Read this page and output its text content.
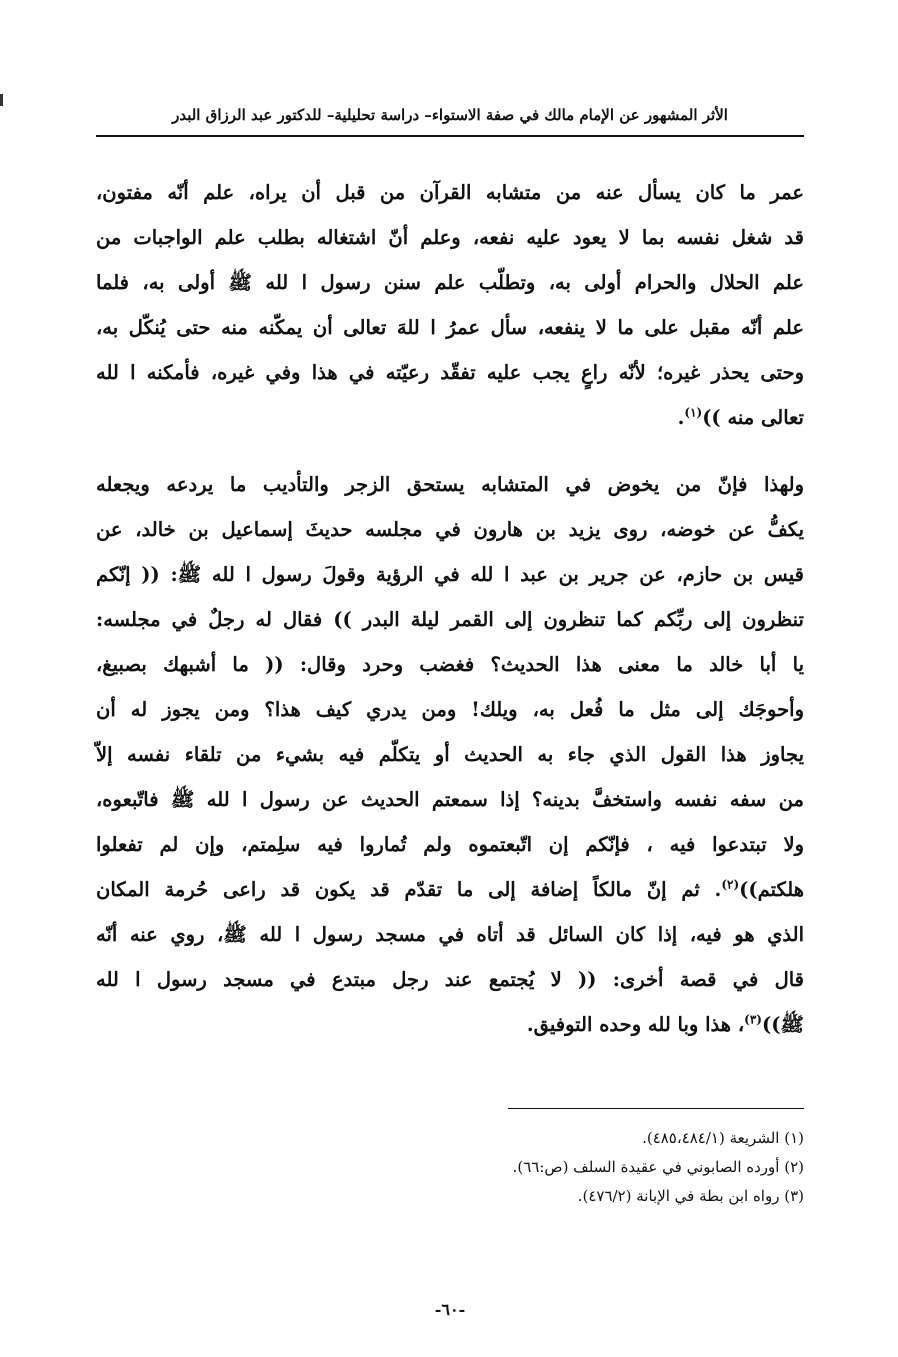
الأثر المشهور عن الإمام مالك في صفة الاستواء– دراسة تحليلية– للدكتور عبد الرزاق البدر

عمر ما كان يسأل عنه من متشابه القرآن من قبل أن يراه، علم أنّه مفتون،
قد شغل نفسه بما لا يعود عليه نفعه، وعلم أنّ اشتغاله بطلب علم الواجبات من
علم الحلال والحرام أولى به، وتطلّب علم سنن رسول ا لله ﷺ أولى به، فلما
علم أنّه مقبل على ما لا ينفعه، سأل عمرُ ا للهَ تعالى أن يمكّنه منه حتى يُنكّل به،
وحتى يحذر غيره؛ لأنّه راعٍ يجب عليه تفقّد رعيّته في هذا وفي غيره، فأمكنه ا لله
تعالى منه ))$^{(١)}$.

ولهذا فإنّ من يخوض في المتشابه يستحق الزجر والتأديب ما يردعه ويجعله
يكفُّ عن خوضه، روى يزيد بن هارون في مجلسه حديثَ إسماعيل بن خالد، عن
قيس بن حازم، عن جرير بن عبد ا لله في الرؤية وقولَ رسول ا لله ﷺ: (( إنّكم
تنظرون إلى ربِّكم كما تنظرون إلى القمر ليلة البدر )) فقال له رجلٌ في مجلسه:
يا أبا خالد ما معنى هذا الحديث؟ فغضب وحرد وقال: (( ما أشبهك بصبيغ،
وأحوجَك إلى مثل ما فُعل به، ويلك! ومن يدري كيف هذا؟ ومن يجوز له أن
يجاوز هذا القول الذي جاء به الحديث أو يتكلّم فيه بشيء من تلقاء نفسه إلاّ
من سفه نفسه واستخفَّ بدينه؟ إذا سمعتم الحديث عن رسول ا لله ﷺ فاتّبعوه،
ولا تبتدعوا فيه ، فإنّكم إن اتّبعتموه ولم تُماروا فيه سلِمتم، وإن لم تفعلوا
هلكتم))$^{(٢)}$. ثم إنّ مالكاً إضافة إلى ما تقدّم قد يكون قد راعى حُرمة المكان
الذي هو فيه، إذا كان السائل قد أتاه في مسجد رسول ا لله ﷺ، روي عنه أنّه
قال في قصة أخرى: (( لا يُجتمع عند رجل مبتدع في مسجد رسول ا لله
ﷺ))$^{(٣)}$، هذا وبا لله وحده التوفيق.

(١) الشريعة (٤٨٥،٤٨٤/١).
(٢) أورده الصابوني في عقيدة السلف (ص:٦٦).
(٣) رواه ابن بطة في الإبانة (٤٧٦/٢).
-٦٠-
